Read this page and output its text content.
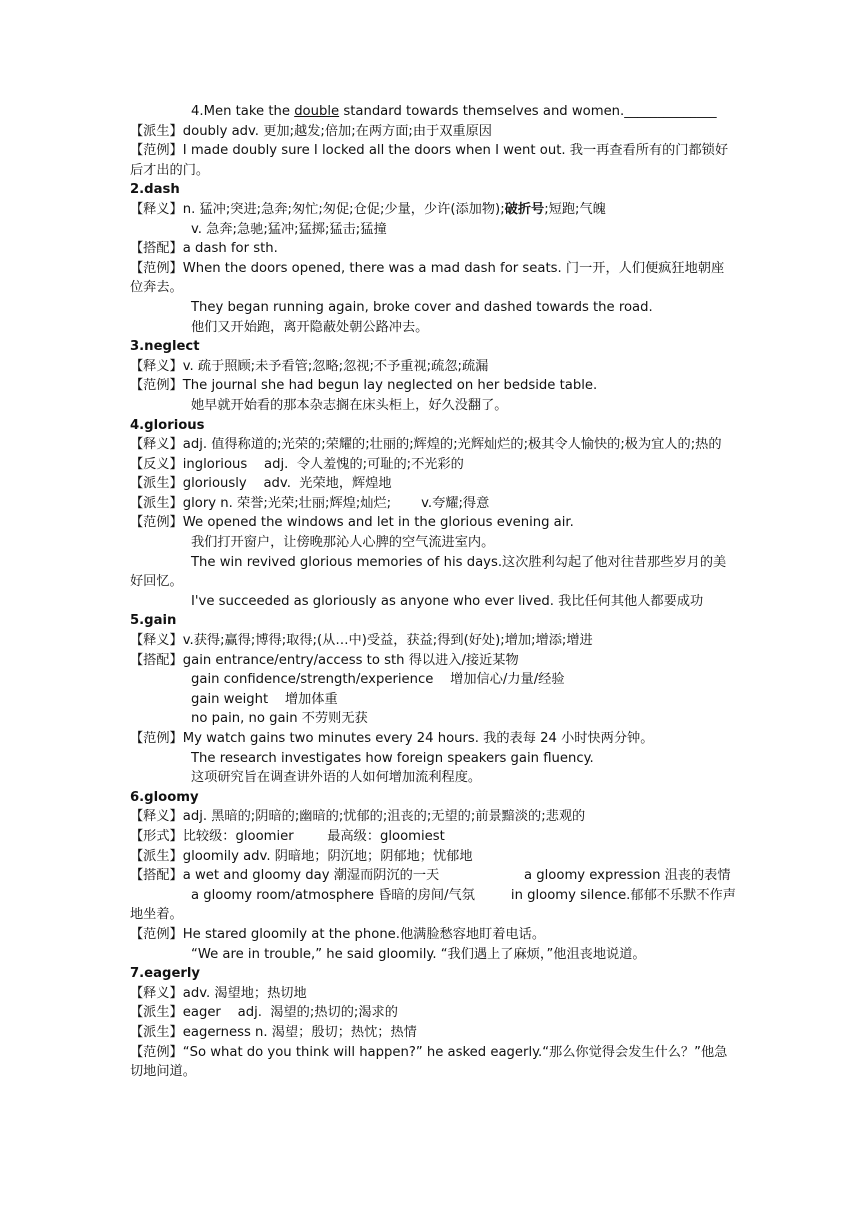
4.Men take the double standard towards themselves and women.______________
【派生】doubly adv. 更加;越发;倍加;在两方面;由于双重原因
【范例】I made doubly sure I locked all the doors when I went out. 我一再查看所有的门都锁好后才出的门。
2.dash
【释义】n. 猛冲;突进;急奔;匆忙;匆促;仓促;少量，少许(添加物);破折号;短跑;气魄
v. 急奔;急驰;猛冲;猛掷;猛击;猛撞
【搭配】a dash for sth.
【范例】When the doors opened, there was a mad dash for seats. 门一开，人们便疯狂地朝座位奔去。
They began running again, broke cover and dashed towards the road.
他们又开始跑，离开隐蔽处朝公路冲去。
3.neglect
【释义】v. 疏于照顾;未予看管;忽略;忽视;不予重视;疏忽;疏漏
【范例】The journal she had begun lay neglected on her bedside table.
她早就开始看的那本杂志搁在床头柜上，好久没翻了。
4.glorious
【释义】adj. 值得称道的;光荣的;荣耀的;壮丽的;辉煌的;光辉灿烂的;极其令人愉快的;极为宜人的;热的
【反义】inglorious    adj.  令人羞愧的;可耻的;不光彩的
【派生】gloriously    adv.  光荣地，辉煌地
【派生】glory n. 荣誉;光荣;壮丽;辉煌;灿烂; v.夸耀;得意
【范例】We opened the windows and let in the glorious evening air.
我们打开窗户，让傍晚那沁人心脾的空气流进室内。
The win revived glorious memories of his days.这次胜利勾起了他对往昔那些岁月的美好回忆。
I've succeeded as gloriously as anyone who ever lived. 我比任何其他人都要成功
5.gain
【释义】v.获得;赢得;博得;取得;(从…中)受益，获益;得到(好处);增加;增添;增进
【搭配】gain entrance/entry/access to sth 得以进入/接近某物
gain confidence/strength/experience    增加信心/力量/经验
gain weight    增加体重
no pain, no gain 不劳则无获
【范例】My watch gains two minutes every 24 hours. 我的表每 24 小时快两分钟。
The research investigates how foreign speakers gain fluency.
这项研究旨在调查讲外语的人如何增加流利程度。
6.gloomy
【释义】adj. 黑暗的;阴暗的;幽暗的;忧郁的;沮丧的;无望的;前景黯淡的;悲观的
【形式】比较级：gloomier        最高级：gloomiest
【派生】gloomily adv. 阴暗地；阴沉地；阴郁地；忧郁地
【搭配】a wet and gloomy day 潮湿而阴沉的一天	a gloomy expression 沮丧的表情
a gloomy room/atmosphere 昏暗的房间/气氛	in gloomy silence.郁郁不乐默不作声地坐着。
【范例】He stared gloomily at the phone.他满脸愁容地盯着电话。
“We are in trouble,” he said gloomily. “我们遇上了麻烦，”他沮丧地说道。
7.eagerly
【释义】adv. 渴望地；热切地
【派生】eager    adj.  渴望的;热切的;渴求的
【派生】eagerness n. 渴望；殷切；热忱；热情
【范例】“So what do you think will happen?” he asked eagerly.“那么你觉得会发生什么？”他急切地问道。
